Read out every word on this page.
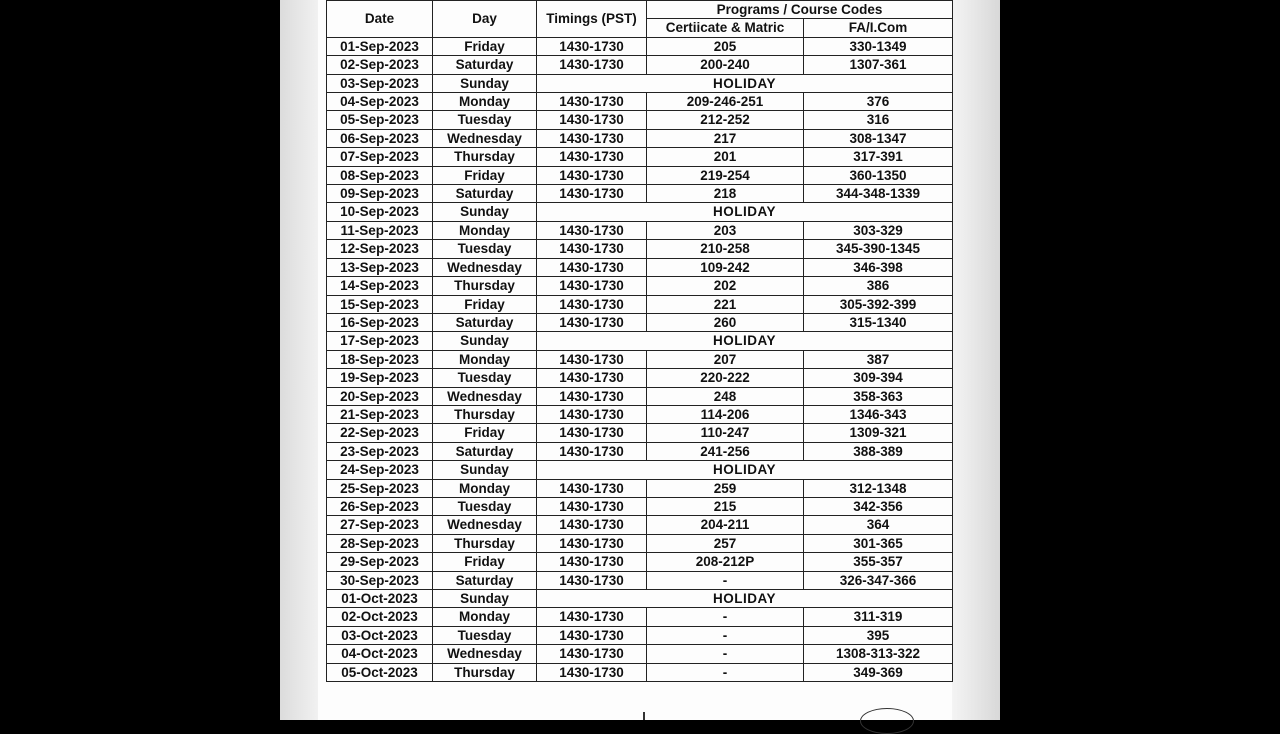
Date	Day	Timings (PST)	Programs / Course Codes	
			Certiicate & Matric	FA/I.Com
01-Sep-2023	Friday	1430-1730	205	330-1349
02-Sep-2023	Saturday	1430-1730	200-240	1307-361
03-Sep-2023	Sunday	HOLIDAY		
04-Sep-2023	Monday	1430-1730	209-246-251	376
05-Sep-2023	Tuesday	1430-1730	212-252	316
06-Sep-2023	Wednesday	1430-1730	217	308-1347
07-Sep-2023	Thursday	1430-1730	201	317-391
08-Sep-2023	Friday	1430-1730	219-254	360-1350
09-Sep-2023	Saturday	1430-1730	218	344-348-1339
10-Sep-2023	Sunday	HOLIDAY		
11-Sep-2023	Monday	1430-1730	203	303-329
12-Sep-2023	Tuesday	1430-1730	210-258	345-390-1345
13-Sep-2023	Wednesday	1430-1730	109-242	346-398
14-Sep-2023	Thursday	1430-1730	202	386
15-Sep-2023	Friday	1430-1730	221	305-392-399
16-Sep-2023	Saturday	1430-1730	260	315-1340
17-Sep-2023	Sunday	HOLIDAY		
18-Sep-2023	Monday	1430-1730	207	387
19-Sep-2023	Tuesday	1430-1730	220-222	309-394
20-Sep-2023	Wednesday	1430-1730	248	358-363
21-Sep-2023	Thursday	1430-1730	114-206	1346-343
22-Sep-2023	Friday	1430-1730	110-247	1309-321
23-Sep-2023	Saturday	1430-1730	241-256	388-389
24-Sep-2023	Sunday	HOLIDAY		
25-Sep-2023	Monday	1430-1730	259	312-1348
26-Sep-2023	Tuesday	1430-1730	215	342-356
27-Sep-2023	Wednesday	1430-1730	204-211	364
28-Sep-2023	Thursday	1430-1730	257	301-365
29-Sep-2023	Friday	1430-1730	208-212P	355-357
30-Sep-2023	Saturday	1430-1730	-	326-347-366
01-Oct-2023	Sunday	HOLIDAY		
02-Oct-2023	Monday	1430-1730	-	311-319
03-Oct-2023	Tuesday	1430-1730	-	395
04-Oct-2023	Wednesday	1430-1730	-	1308-313-322
05-Oct-2023	Thursday	1430-1730	-	349-369
